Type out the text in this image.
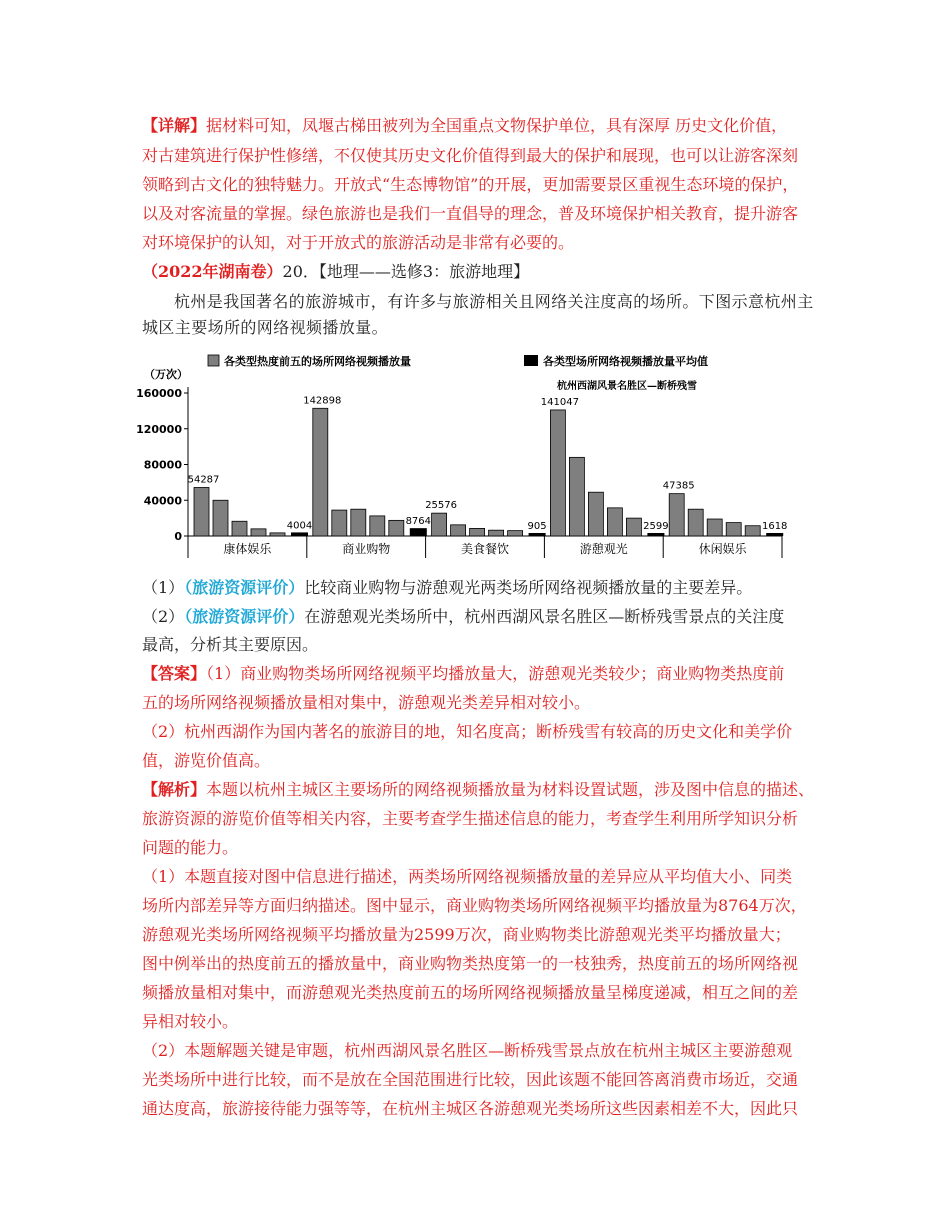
【详解】据材料可知，凤堰古梯田被列为全国重点文物保护单位，具有深厚 历史文化价值，
对古建筑进行保护性修缮，不仅使其历史文化价值得到最大的保护和展现，也可以让游客深刻
领略到古文化的独特魅力。开放式“生态博物馆”的开展，更加需要景区重视生态环境的保护，
以及对客流量的掌握。绿色旅游也是我们一直倡导的理念，普及环境保护相关教育，提升游客
对环境保护的认知，对于开放式的旅游活动是非常有必要的。
（2022年湖南卷）20．【地理——选修3：旅游地理】
杭州是我国著名的旅游城市，有许多与旅游相关且网络关注度高的场所。下图示意杭州主
城区主要场所的网络视频播放量。
各类型热度前五的场所网络视频播放量	各类型场所网络视频播放量平均值
（万次）
160000
120000
80000
40000
0
杭州西湖风景名胜区—断桥残雪
54287
4004
康体娱乐
142898
8764
商业购物
25576
905
美食餐饮
141047
2599
游憩观光
47385
1618
休闲娱乐
（1）（旅游资源评价）比较商业购物与游憩观光两类场所网络视频播放量的主要差异。
（2）（旅游资源评价）在游憩观光类场所中，杭州西湖风景名胜区—断桥残雪景点的关注度
最高，分析其主要原因。
【答案】（1）商业购物类场所网络视频平均播放量大，游憩观光类较少；商业购物类热度前
五的场所网络视频播放量相对集中，游憩观光类差异相对较小。
（2）杭州西湖作为国内著名的旅游目的地，知名度高；断桥残雪有较高的历史文化和美学价
值，游览价值高。
【解析】本题以杭州主城区主要场所的网络视频播放量为材料设置试题，涉及图中信息的描述、
旅游资源的游览价值等相关内容，主要考查学生描述信息的能力，考查学生利用所学知识分析
问题的能力。
（1）本题直接对图中信息进行描述，两类场所网络视频播放量的差异应从平均值大小、同类
场所内部差异等方面归纳描述。图中显示，商业购物类场所网络视频平均播放量为8764万次，
游憩观光类场所网络视频平均播放量为2599万次，商业购物类比游憩观光类平均播放量大；
图中例举出的热度前五的播放量中，商业购物类热度第一的一枝独秀，热度前五的场所网络视
频播放量相对集中，而游憩观光类热度前五的场所网络视频播放量呈梯度递减，相互之间的差
异相对较小。
（2）本题解题关键是审题，杭州西湖风景名胜区—断桥残雪景点放在杭州主城区主要游憩观
光类场所中进行比较，而不是放在全国范围进行比较，因此该题不能回答离消费市场近，交通
通达度高，旅游接待能力强等等，在杭州主城区各游憩观光类场所这些因素相差不大，因此只
